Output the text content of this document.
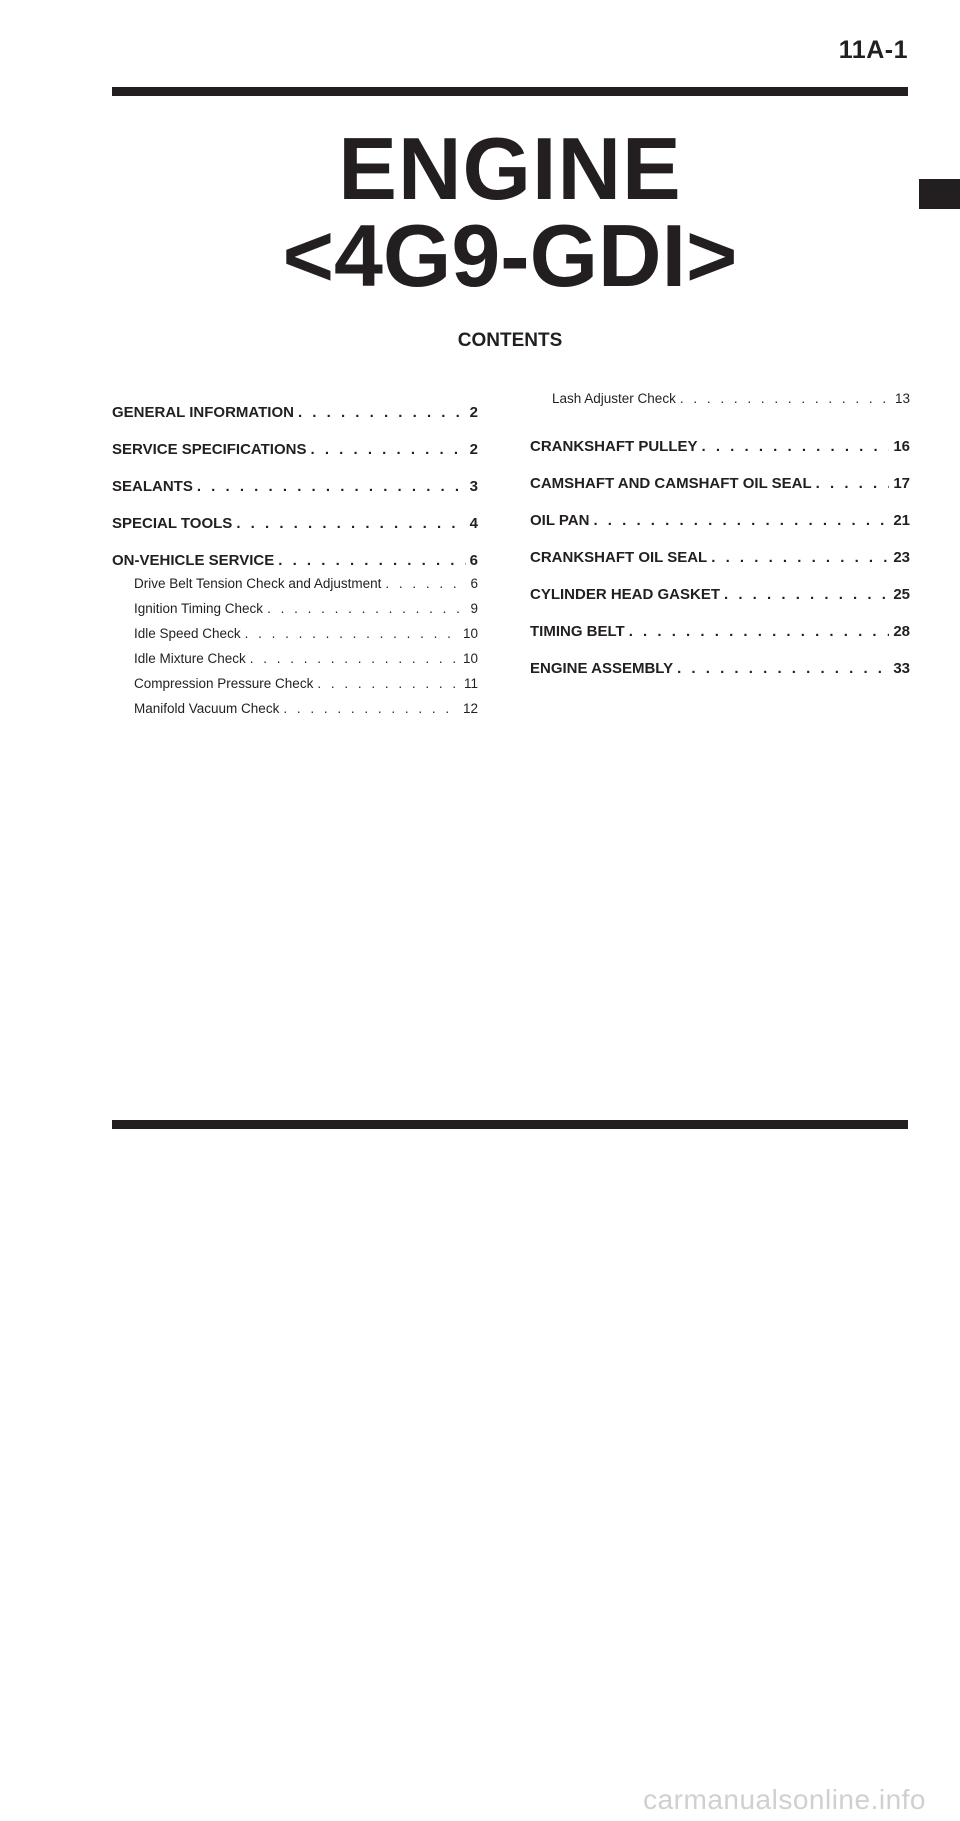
11A-1
ENGINE
<4G9-GDI>
CONTENTS
GENERAL INFORMATION . . .	2
SERVICE SPECIFICATIONS . . .	2
SEALANTS . . .	3
SPECIAL TOOLS . . .	4
ON-VEHICLE SERVICE . . .	6
Drive Belt Tension Check and Adjustment . . .	6
Ignition Timing Check . . .	9
Idle Speed Check . . .	10
Idle Mixture Check . . .	10
Compression Pressure Check . . .	11
Manifold Vacuum Check . . .	12
Lash Adjuster Check . . .	13
CRANKSHAFT PULLEY . . .	16
CAMSHAFT AND CAMSHAFT OIL SEAL . . .	17
OIL PAN . . .	21
CRANKSHAFT OIL SEAL . . .	23
CYLINDER HEAD GASKET . . .	25
TIMING BELT . . .	28
ENGINE ASSEMBLY . . .	33
carmanualsonline.info
